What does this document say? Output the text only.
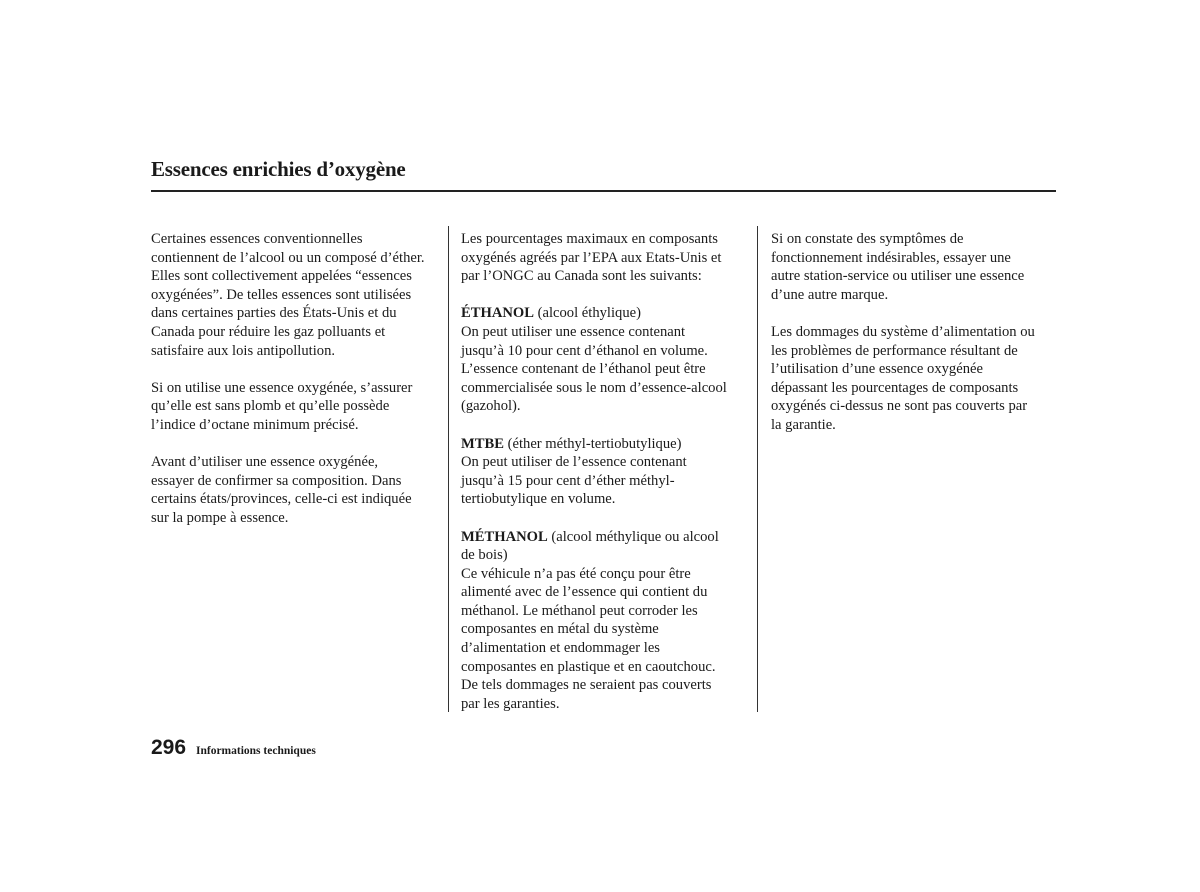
Essences enrichies d’oxygène

Certaines essences conventionnelles
contiennent de l’alcool ou un composé d’éther.
Elles sont collectivement appelées “essences
oxygénées”. De telles essences sont utilisées
dans certaines parties des États-Unis et du
Canada pour réduire les gaz polluants et
satisfaire aux lois antipollution.

Si on utilise une essence oxygénée, s’assurer
qu’elle est sans plomb et qu’elle possède
l’indice d’octane minimum précisé.

Avant d’utiliser une essence oxygénée,
essayer de confirmer sa composition. Dans
certains états/provinces, celle-ci est indiquée
sur la pompe à essence.

Les pourcentages maximaux en composants
oxygénés agréés par l’EPA aux Etats-Unis et
par l’ONGC au Canada sont les suivants:

ÉTHANOL (alcool éthylique)
On peut utiliser une essence contenant
jusqu’à 10 pour cent d’éthanol en volume.
L’essence contenant de l’éthanol peut être
commercialisée sous le nom d’essence-alcool
(gazohol).

MTBE (éther méthyl-tertiobutylique)
On peut utiliser de l’essence contenant
jusqu’à 15 pour cent d’éther méthyl-
tertiobutylique en volume.

MÉTHANOL (alcool méthylique ou alcool
de bois)
Ce véhicule n’a pas été conçu pour être
alimenté avec de l’essence qui contient du
méthanol. Le méthanol peut corroder les
composantes en métal du système
d’alimentation et endommager les
composantes en plastique et en caoutchouc.
De tels dommages ne seraient pas couverts
par les garanties.

Si on constate des symptômes de
fonctionnement indésirables, essayer une
autre station-service ou utiliser une essence
d’une autre marque.

Les dommages du système d’alimentation ou
les problèmes de performance résultant de
l’utilisation d’une essence oxygénée
dépassant les pourcentages de composants
oxygénés ci-dessus ne sont pas couverts par
la garantie.

296 Informations techniques
